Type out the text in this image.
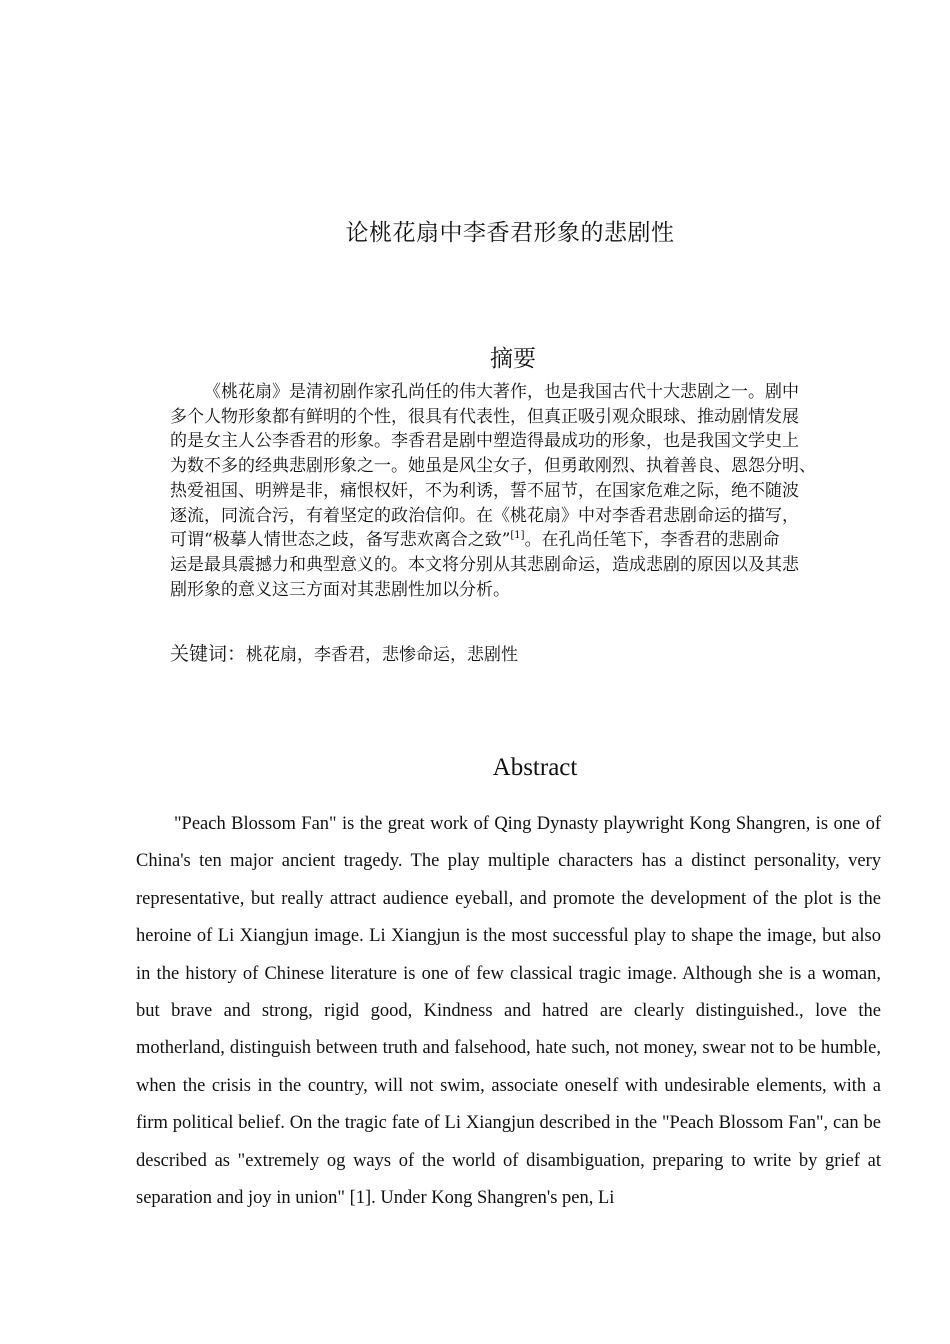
论桃花扇中李香君形象的悲剧性
摘要
《桃花扇》是清初剧作家孔尚任的伟大著作，也是我国古代十大悲剧之一。剧中
多个人物形象都有鲜明的个性，很具有代表性，但真正吸引观众眼球、推动剧情发展
的是女主人公李香君的形象。李香君是剧中塑造得最成功的形象，也是我国文学史上
为数不多的经典悲剧形象之一。她虽是风尘女子，但勇敢刚烈、执着善良、恩怨分明、
热爱祖国、明辨是非，痛恨权奸，不为利诱，誓不屈节，在国家危难之际，绝不随波
逐流，同流合污，有着坚定的政治信仰。在《桃花扇》中对李香君悲剧命运的描写，
可谓“极摹人情世态之歧，备写悲欢离合之致”[1]。在孔尚任笔下，李香君的悲剧命
运是最具震撼力和典型意义的。本文将分别从其悲剧命运，造成悲剧的原因以及其悲
剧形象的意义这三方面对其悲剧性加以分析。
关键词：桃花扇，李香君，悲惨命运，悲剧性
Abstract
"Peach Blossom Fan" is the great work of Qing Dynasty playwright Kong Shangren, is one of China's ten major ancient tragedy. The play multiple characters has a distinct personality, very representative, but really attract audience eyeball, and promote the development of the plot is the heroine of Li Xiangjun image. Li Xiangjun is the most successful play to shape the image, but also in the history of Chinese literature is one of few classical tragic image. Although she is a woman, but brave and strong, rigid good, Kindness and hatred are clearly distinguished., love the motherland, distinguish between truth and falsehood, hate such, not money, swear not to be humble, when the crisis in the country, will not swim, associate oneself with undesirable elements, with a firm political belief. On the tragic fate of Li Xiangjun described in the "Peach Blossom Fan", can be described as "extremely og ways of the world of disambiguation, preparing to write by grief at separation and joy in union" [1]. Under Kong Shangren's pen, Li
